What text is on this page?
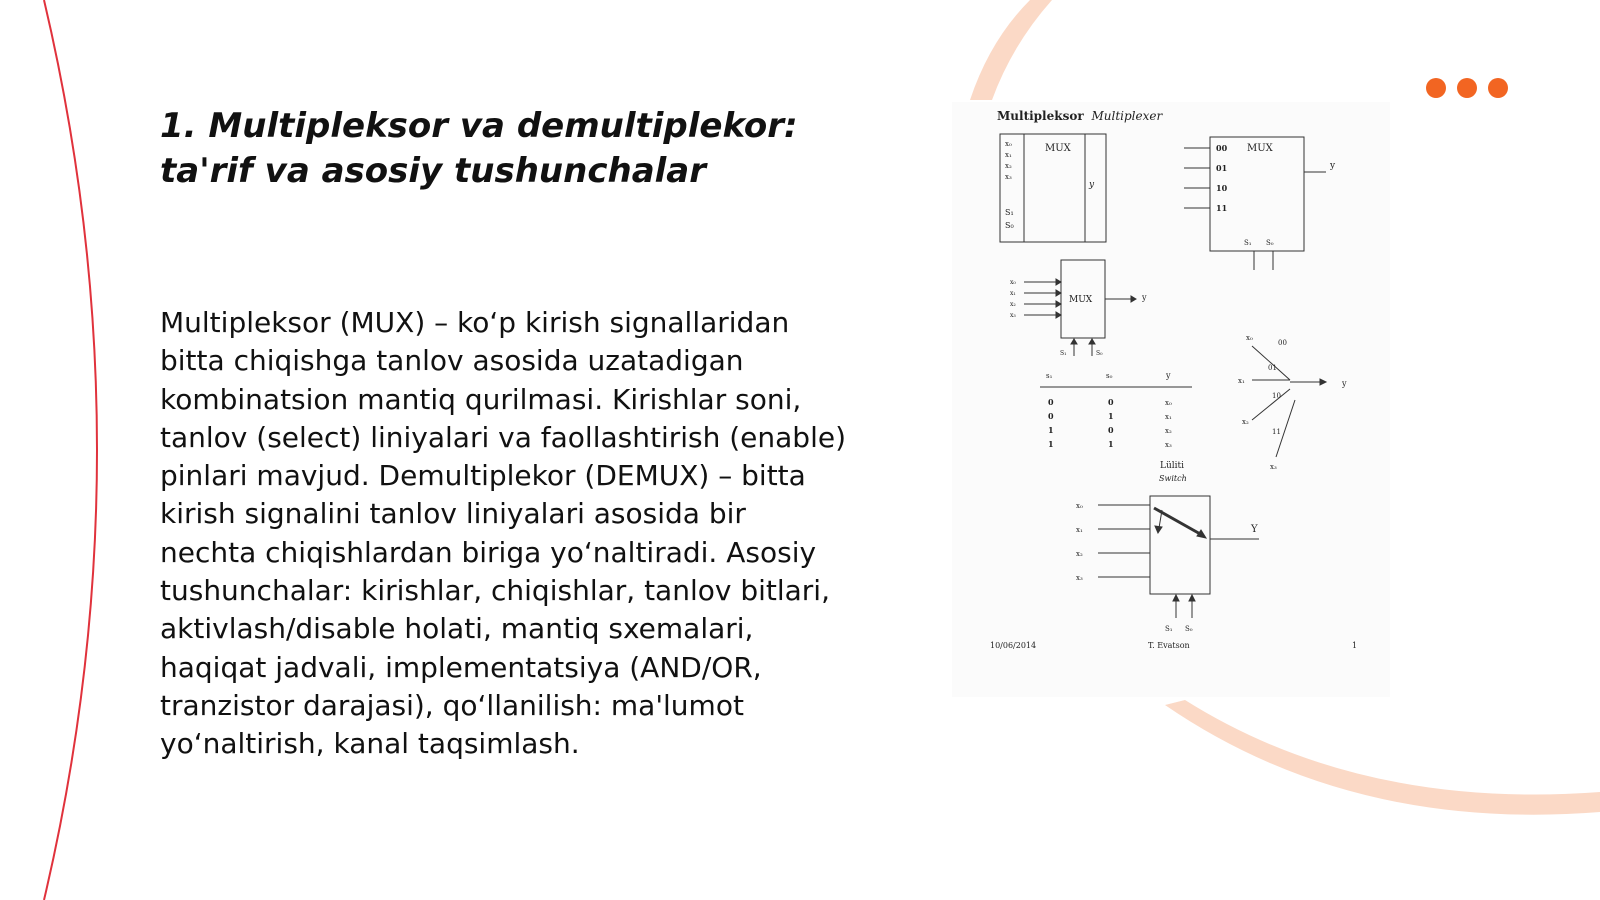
1. Multipleksor va demultiplekor:
ta'rif va asosiy tushunchalar

Multipleksor (MUX) – ko‘p kirish signallaridan bitta chiqishga tanlov asosida uzatadigan kombinatsion mantiq qurilmasi. Kirishlar soni, tanlov (select) liniyalari va faollashtirish (enable) pinlari mavjud. Demultiplekor (DEMUX) – bitta kirish signalini tanlov liniyalari asosida bir nechta chiqishlardan biriga yo‘naltiradi. Asosiy tushunchalar: kirishlar, chiqishlar, tanlov bitlari, aktivlash/disable holati, mantiq sxemalari, haqiqat jadvali, implementatsiya (AND/OR, tranzistor darajasi), qo‘llanilish: ma'lumot yo‘naltirish, kanal taqsimlash.

Multipleksor Multiplexer
x₀
x₁
x₂
x₃
S₁
S₀
MUX
y
00
01
10
11
MUX
y
S₁ S₀
x₀
x₁
x₂
x₃
MUX	y
S₁	S₀
s₁	s₀	y
0	0	x₀
0	1	x₁
1	0	x₂
1	1	x₃
x₀
x₁
x₂
x₃
00
01
10
11
y
Lüliti
Switch
x₀
x₁
x₂
x₃
Y
S₁ S₀
10/06/2014	T. Evatson	1
